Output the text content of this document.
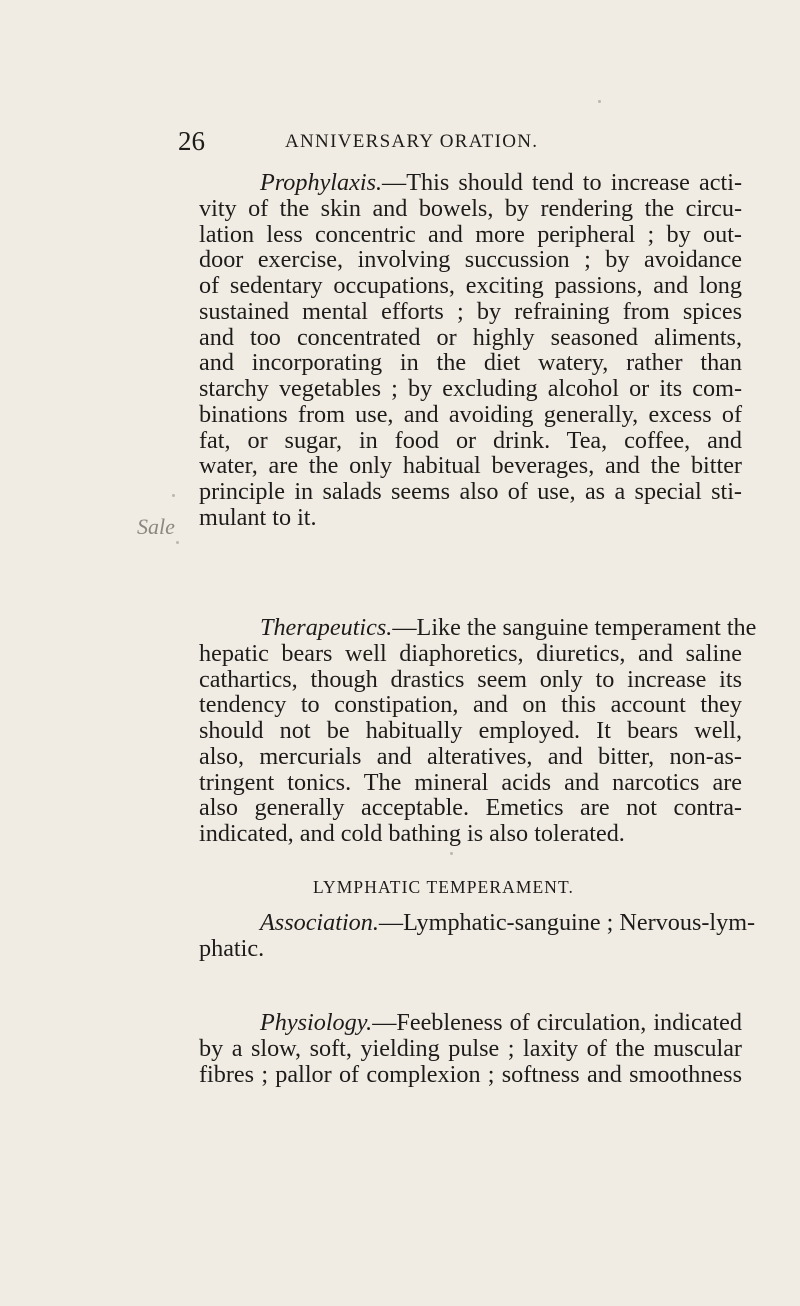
26	ANNIVERSARY ORATION.
Sale

Prophylaxis.—This should tend to increase acti-
vity of the skin and bowels, by rendering the circu-
lation less concentric and more peripheral ; by out-
door exercise, involving succussion ; by avoidance
of sedentary occupations, exciting passions, and long
sustained mental efforts ; by refraining from spices
and too concentrated or highly seasoned aliments,
and incorporating in the diet watery, rather than
starchy vegetables ; by excluding alcohol or its com-
binations from use, and avoiding generally, excess of
fat, or sugar, in food or drink. Tea, coffee, and
water, are the only habitual beverages, and the bitter
principle in salads seems also of use, as a special sti-
mulant to it.

Therapeutics.—Like the sanguine temperament the
hepatic bears well diaphoretics, diuretics, and saline
cathartics, though drastics seem only to increase its
tendency to constipation, and on this account they
should not be habitually employed. It bears well,
also, mercurials and alteratives, and bitter, non-as-
tringent tonics. The mineral acids and narcotics are
also generally acceptable. Emetics are not contra-
indicated, and cold bathing is also tolerated.

LYMPHATIC TEMPERAMENT.

Association.—Lymphatic-sanguine ; Nervous-lym-
phatic.

Physiology.—Feebleness of circulation, indicated
by a slow, soft, yielding pulse ; laxity of the muscular
fibres ; pallor of complexion ; softness and smoothness
